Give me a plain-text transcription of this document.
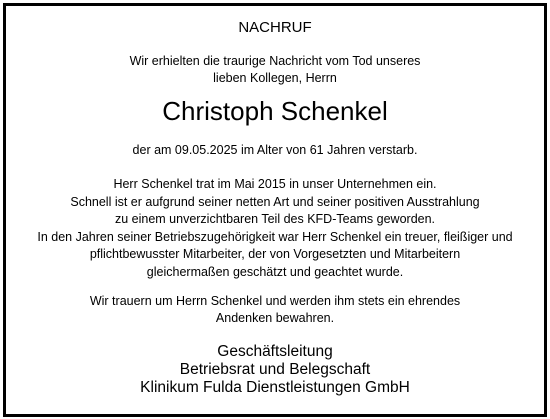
NACHRUF
Wir erhielten die traurige Nachricht vom Tod unseres
lieben Kollegen, Herrn
Christoph Schenkel
der am 09.05.2025 im Alter von 61 Jahren verstarb.
Herr Schenkel trat im Mai 2015 in unser Unternehmen ein.
Schnell ist er aufgrund seiner netten Art und seiner positiven Ausstrahlung
zu einem unverzichtbaren Teil des KFD-Teams geworden.
In den Jahren seiner Betriebszugehörigkeit war Herr Schenkel ein treuer, fleißiger und
pflichtbewusster Mitarbeiter, der von Vorgesetzten und Mitarbeitern
gleichermaßen geschätzt und geachtet wurde.
Wir trauern um Herrn Schenkel und werden ihm stets ein ehrendes
Andenken bewahren.
Geschäftsleitung
Betriebsrat und Belegschaft
Klinikum Fulda Dienstleistungen GmbH
